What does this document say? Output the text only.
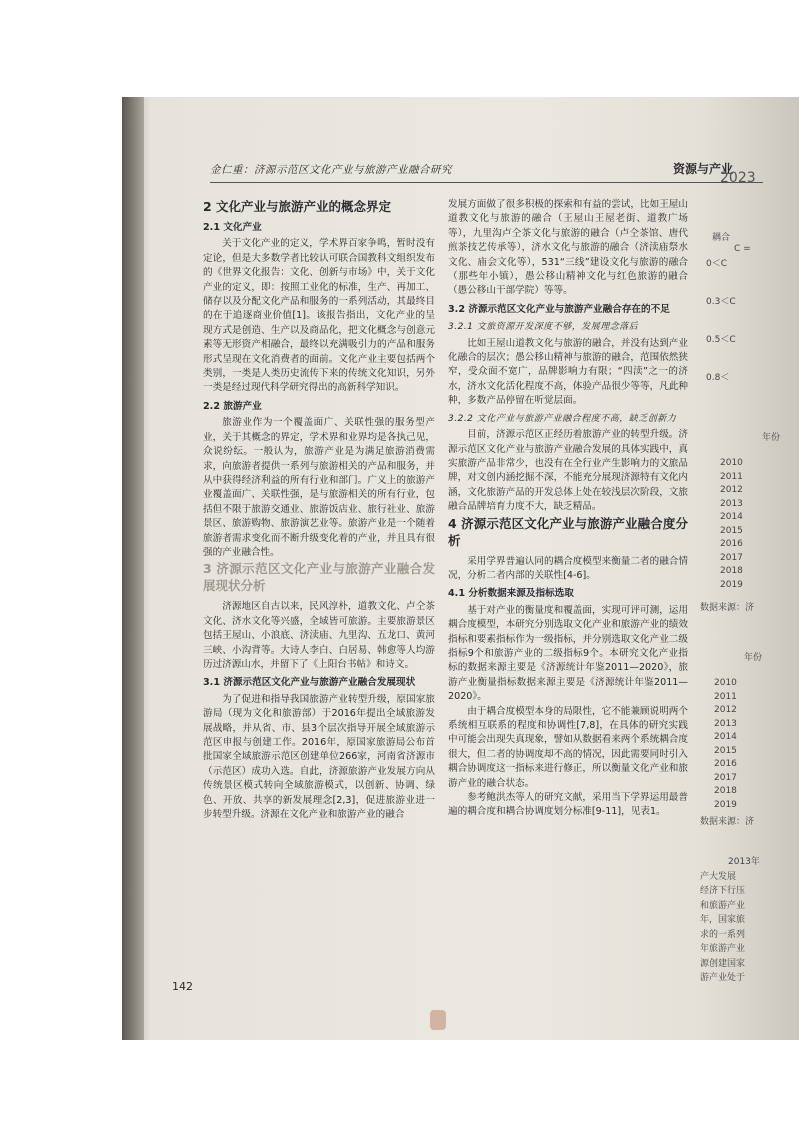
金仁重：济源示范区文化产业与旅游产业融合研究	资源与产业
2023
2 文化产业与旅游产业的概念界定
2.1 文化产业
关于文化产业的定义，学术界百家争鸣，暂时没有定论，但是大多数学者比较认可联合国教科文组织发布的《世界文化报告：文化、创新与市场》中，关于文化产业的定义，即：按照工业化的标准，生产、再加工、储存以及分配文化产品和服务的一系列活动，其最终目的在于追逐商业价值[1]。该报告指出，文化产业的呈现方式是创造、生产以及商品化，把文化概念与创意元素等无形资产相融合，最终以充满吸引力的产品和服务形式呈现在文化消费者的面前。文化产业主要包括两个类别，一类是人类历史流传下来的传统文化知识，另外一类是经过现代科学研究得出的高新科学知识。
2.2 旅游产业
旅游业作为一个覆盖面广、关联性强的服务型产业，关于其概念的界定，学术界和业界均是各执己见，众说纷纭。一般认为，旅游产业是为满足旅游消费需求，向旅游者提供一系列与旅游相关的产品和服务，并从中获得经济利益的所有行业和部门。广义上的旅游产业覆盖面广、关联性强，是与旅游相关的所有行业，包括但不限于旅游交通业、旅游饭店业、旅行社业、旅游景区、旅游购物、旅游演艺业等。旅游产业是一个随着旅游者需求变化而不断升级变化着的产业，并且具有很强的产业融合性。
3 济源示范区文化产业与旅游产业融合发展现状分析
济源地区自古以来，民风淳朴，道教文化、卢仝茶文化、济水文化等兴盛，全域皆可旅游。主要旅游景区包括王屋山、小浪底、济渎庙、九里沟、五龙口、黄河三峡、小沟背等。大诗人李白、白居易、韩愈等人均游历过济源山水，并留下了《上阳台书帖》和诗文。
3.1 济源示范区文化产业与旅游产业融合发展现状
为了促进和指导我国旅游产业转型升级，原国家旅游局（现为文化和旅游部）于2016年提出全域旅游发展战略，并从省、市、县3个层次指导开展全域旅游示范区申报与创建工作。2016年，原国家旅游局公布首批国家全域旅游示范区创建单位266家，河南省济源市（示范区）成功入选。自此，济源旅游产业发展方向从传统景区模式转向全域旅游模式，以创新、协调、绿色、开放、共享的新发展理念[2,3]，促进旅游业进一步转型升级。济源在文化产业和旅游产业的融合
发展方面做了很多积极的探索和有益的尝试，比如王屋山道教文化与旅游的融合（王屋山王屋老街、道教广场等），九里沟卢仝茶文化与旅游的融合（卢仝茶馆、唐代煎茶技艺传承等），济水文化与旅游的融合（济渎庙祭水文化、庙会文化等），531“三线”建设文化与旅游的融合（那些年小镇），愚公移山精神文化与红色旅游的融合（愚公移山干部学院）等等。
3.2 济源示范区文化产业与旅游产业融合存在的不足
3.2.1 文旅资源开发深度不够，发展理念落后
比如王屋山道教文化与旅游的融合，并没有达到产业化融合的层次；愚公移山精神与旅游的融合，范围依然狭窄，受众面不宽广，品牌影响力有限；“四渎”之一的济水，济水文化活化程度不高，体验产品很少等等，凡此种种，多数产品停留在听觉层面。
3.2.2 文化产业与旅游产业融合程度不高，缺乏创新力
目前，济源示范区正经历着旅游产业的转型升级。济源示范区文化产业与旅游产业融合发展的具体实践中，真实旅游产品非常少，也没有在全行业产生影响力的文旅品牌，对文创内涵挖掘不深，不能充分展现济源特有文化内涵，文化旅游产品的开发总体上处在较浅层次阶段，文旅融合品牌培育力度不大，缺乏精品。
4 济源示范区文化产业与旅游产业融合度分析
采用学界普遍认同的耦合度模型来衡量二者的融合情况，分析二者内部的关联性[4-6]。
4.1 分析数据来源及指标选取
基于对产业的衡量度和覆盖面，实现可评可测，运用耦合度模型，本研究分别选取文化产业和旅游产业的绩效指标和要素指标作为一级指标，并分别选取文化产业二级指标9个和旅游产业的二级指标9个。本研究文化产业指标的数据来源主要是《济源统计年鉴2011—2020》，旅游产业衡量指标数据来源主要是《济源统计年鉴2011—2020》。
由于耦合度模型本身的局限性，它不能兼顾说明两个系统相互联系的程度和协调性[7,8]，在具体的研究实践中可能会出现失真现象，譬如从数据看来两个系统耦合度很大，但二者的协调度却不高的情况，因此需要同时引入耦合协调度这一指标来进行修正，所以衡量文化产业和旅游产业的融合状态。
参考鲍洪杰等人的研究文献，采用当下学界运用最普遍的耦合度和耦合协调度划分标准[9-11]，见表1。
142
耦合
C =
0＜C
0.3＜C
0.5＜C
0.8＜
年份
2010
2011
2012
2013
2014
2015
2016
2017
2018
2019
数据来源：济
年份
2010
2011
2012
2013
2014
2015
2016
2017
2018
2019
数据来源：济
2013年
产大发展
经济下行压
和旅游产业
年，国家旅
求的一系列
年旅游产业
源创建国家
游产业处于
